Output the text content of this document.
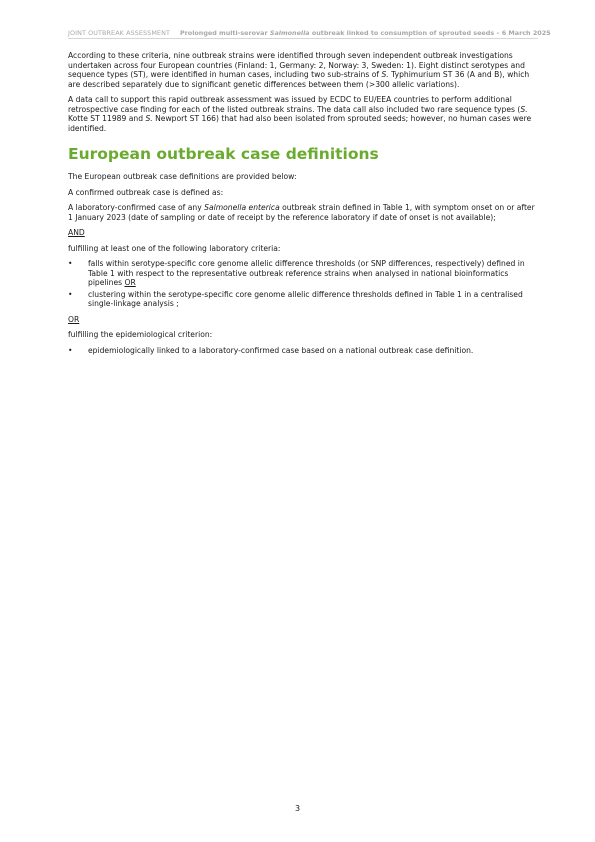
JOINT OUTBREAK ASSESSMENT Prolonged multi-serovar Salmonella outbreak linked to consumption of sprouted seeds – 6 March 2025

According to these criteria, nine outbreak strains were identified through seven independent outbreak investigations undertaken across four European countries (Finland: 1, Germany: 2, Norway: 3, Sweden: 1). Eight distinct serotypes and sequence types (ST), were identified in human cases, including two sub-strains of S. Typhimurium ST 36 (A and B), which are described separately due to significant genetic differences between them (>300 allelic variations).

A data call to support this rapid outbreak assessment was issued by ECDC to EU/EEA countries to perform additional retrospective case finding for each of the listed outbreak strains. The data call also included two rare sequence types (S. Kotte ST 11989 and S. Newport ST 166) that had also been isolated from sprouted seeds; however, no human cases were identified.

European outbreak case definitions

The European outbreak case definitions are provided below:

A confirmed outbreak case is defined as:

A laboratory-confirmed case of any Salmonella enterica outbreak strain defined in Table 1, with symptom onset on or after 1 January 2023 (date of sampling or date of receipt by the reference laboratory if date of onset is not available);

AND

fulfilling at least one of the following laboratory criteria:

• falls within serotype-specific core genome allelic difference thresholds (or SNP differences, respectively) defined in Table 1 with respect to the representative outbreak reference strains when analysed in national bioinformatics pipelines OR
• clustering within the serotype-specific core genome allelic difference thresholds defined in Table 1 in a centralised single-linkage analysis ;

OR

fulfilling the epidemiological criterion:

• epidemiologically linked to a laboratory-confirmed case based on a national outbreak case definition.
3
